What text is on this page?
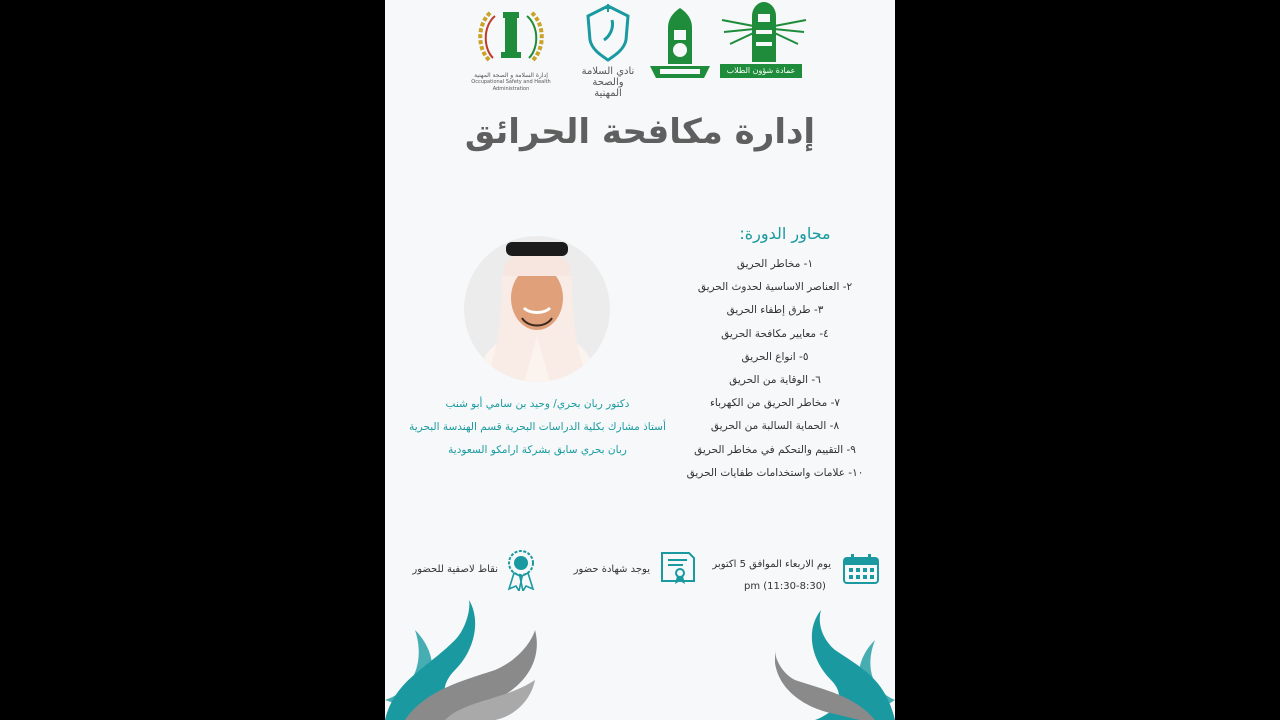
إدارة السلامة و الصحة المهنية
Occupational Safety and Health Administration
نادي السلامة
والصحة المهنية
عمادة شؤون الطلاب
إدارة مكافحة الحرائق
محاور الدورة:
١- مخاطر الحريق
٢- العناصر الاساسية لحدوث الحريق
٣- طرق إطفاء الحريق
٤- معايير مكافحة الحريق
٥- انواع الحريق
٦- الوقاية من الحريق
٧- مخاطر الحريق من الكهرباء
٨- الحماية السالبة من الحريق
٩- التقييم والتحكم في مخاطر الحريق
١٠- علامات واستخدامات طفايات الحريق
دكتور ربان بحري/ وحيد بن سامي أبو شنب
أستاذ مشارك بكلية الدراسات البحرية قسم الهندسة البحرية
ربان بحري سابق بشركة ارامكو السعودية
يوم الاربعاء الموافق 5 اكتوبر
pm (11:30-8:30)
يوجد شهادة حضور
نقاط لاصفية للحضور
